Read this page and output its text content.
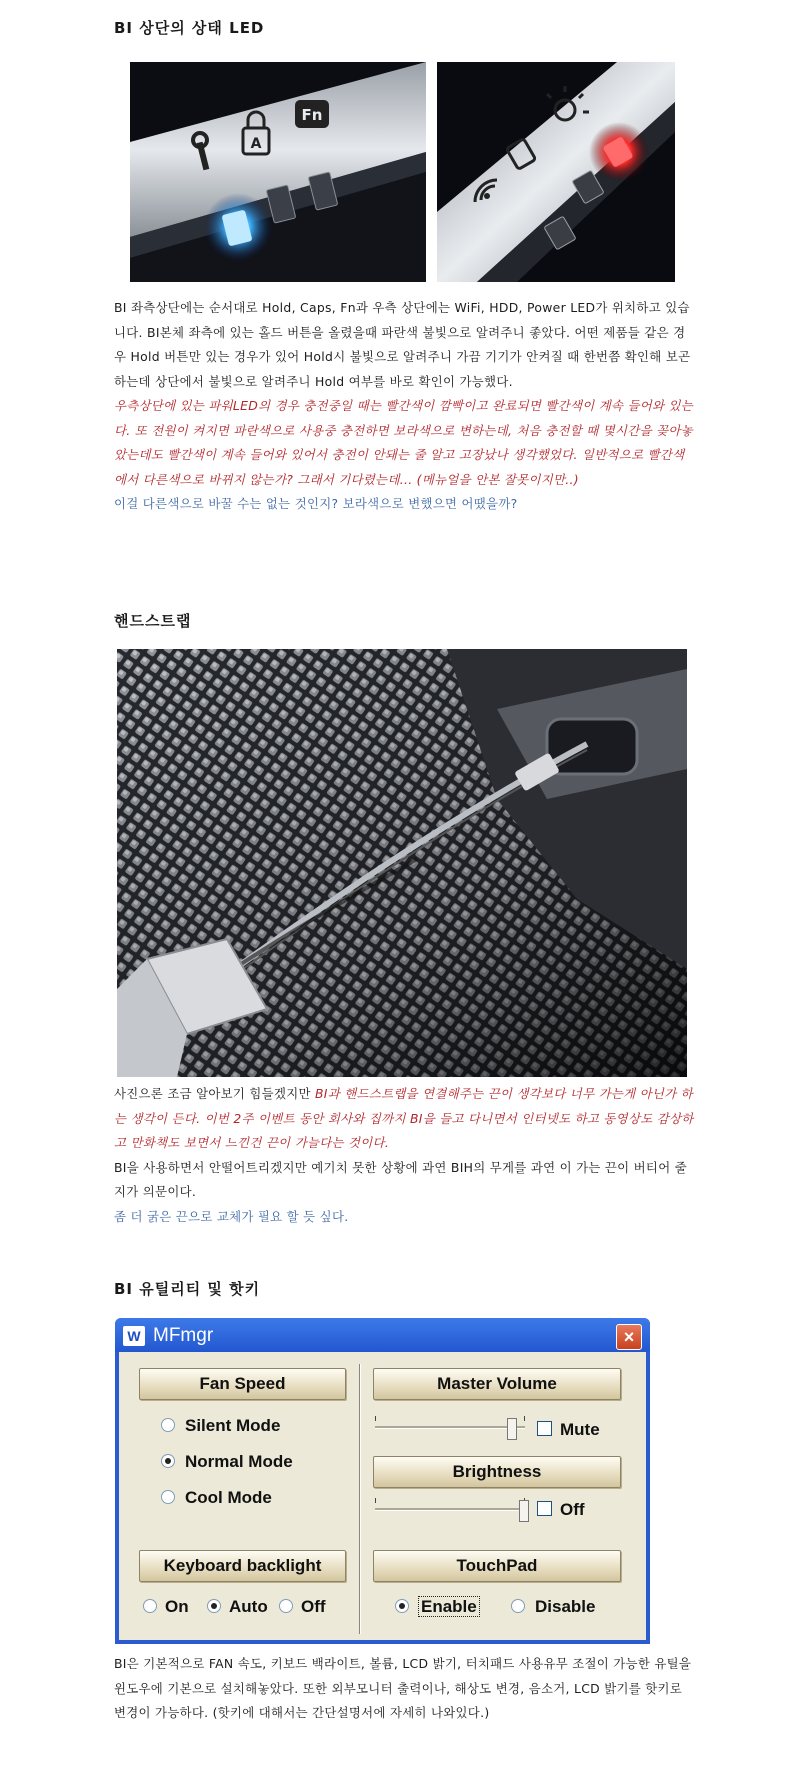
BI 상단의 상태 LED
A
Fn

BI 좌측상단에는 순서대로 Hold, Caps, Fn과 우측 상단에는 WiFi, HDD, Power LED가 위치하고 있습니다. BI본체 좌측에 있는 홀드 버튼을 올렸을때 파란색 불빛으로 알려주니 좋았다. 어떤 제품들 같은 경우 Hold 버튼만 있는 경우가 있어 Hold시 불빛으로 알려주니 가끔 기기가 안켜질 때 한번쯤 확인해 보곤 하는데 상단에서 불빛으로 알려주니 Hold 여부를 바로 확인이 가능했다.

우측상단에 있는 파워LED의 경우 충전중일 때는 빨간색이 깜빡이고 완료되면 빨간색이 계속 들어와 있는다. 또 전원이 켜지면 파란색으로 사용중 충전하면 보라색으로 변하는데, 처음 충전할 때 몇시간을 꽂아놓았는데도 빨간색이 계속 들어와 있어서 충전이 안돼는 줄 알고 고장났나 생각했었다. 일반적으로 빨간색에서 다른색으로 바뀌지 않는가? 그래서 기다렸는데... (메뉴얼을 안본 잘못이지만..)

이걸 다른색으로 바꿀 수는 없는 것인지? 보라색으로 변했으면 어땠을까?

핸드스트랩

사진으론 조금 알아보기 힘들겠지만 BI과 핸드스트랩을 연결해주는 끈이 생각보다 너무 가는게 아닌가 하는 생각이 든다. 이번 2주 이벤트 동안 회사와 집까지 BI을 들고 다니면서 인터넷도 하고 동영상도 감상하고 만화책도 보면서 느낀건 끈이 가늘다는 것이다.

BI을 사용하면서 안떨어트리겠지만 예기치 못한 상황에 과연 BIH의 무게를 과연 이 가는 끈이 버티어 줄지가 의문이다.

좀 더 굵은 끈으로 교체가 필요 할 듯 싶다.

BI 유틸리티 및 핫키
W MFmgr	×
Fan Speed
Silent Mode
Normal Mode
Cool Mode
Keyboard backlight
On	Auto	Off
Master Volume
Mute
Brightness
Off
TouchPad
Enable	Disable

BI은 기본적으로 FAN 속도, 키보드 백라이트, 볼륨, LCD 밝기, 터치패드 사용유무 조절이 가능한 유틸을 윈도우에 기본으로 설치해놓았다. 또한 외부모니터 출력이나, 해상도 변경, 음소거, LCD 밝기를 핫키로 변경이 가능하다. (핫키에 대해서는 간단설명서에 자세히 나와있다.)
